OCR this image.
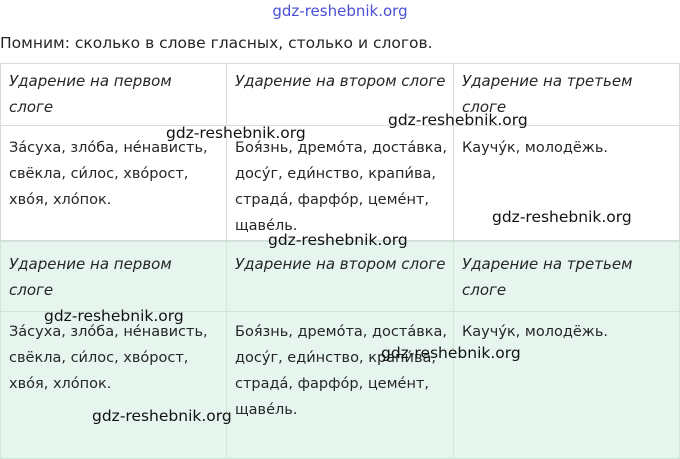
gdz-reshebnik.org
Помним: сколько в слове гласных, столько и слогов.
Ударение на первом слоге	Ударение на втором слоге	Ударение на третьем слоге
За́суха, зло́ба, не́нависть, свёкла, си́лос, хво́рост, хво́я, хло́пок.	Боя́знь, дремо́та, доста́вка, досу́г, еди́нство, крапи́ва, страда́, фарфо́р, цеме́нт, щаве́ль.	Каучу́к, молодёжь.
Ударение на первом слоге	Ударение на втором слоге	Ударение на третьем слоге
За́суха, зло́ба, не́нависть, свёкла, си́лос, хво́рост, хво́я, хло́пок.	Боя́знь, дремо́та, доста́вка, досу́г, еди́нство, крапи́ва, страда́, фарфо́р, цеме́нт, щаве́ль.	Каучу́к, молодёжь.
gdz-reshebnik.org
gdz-reshebnik.org
gdz-reshebnik.org
gdz-reshebnik.org
gdz-reshebnik.org
gdz-reshebnik.org
gdz-reshebnik.org
